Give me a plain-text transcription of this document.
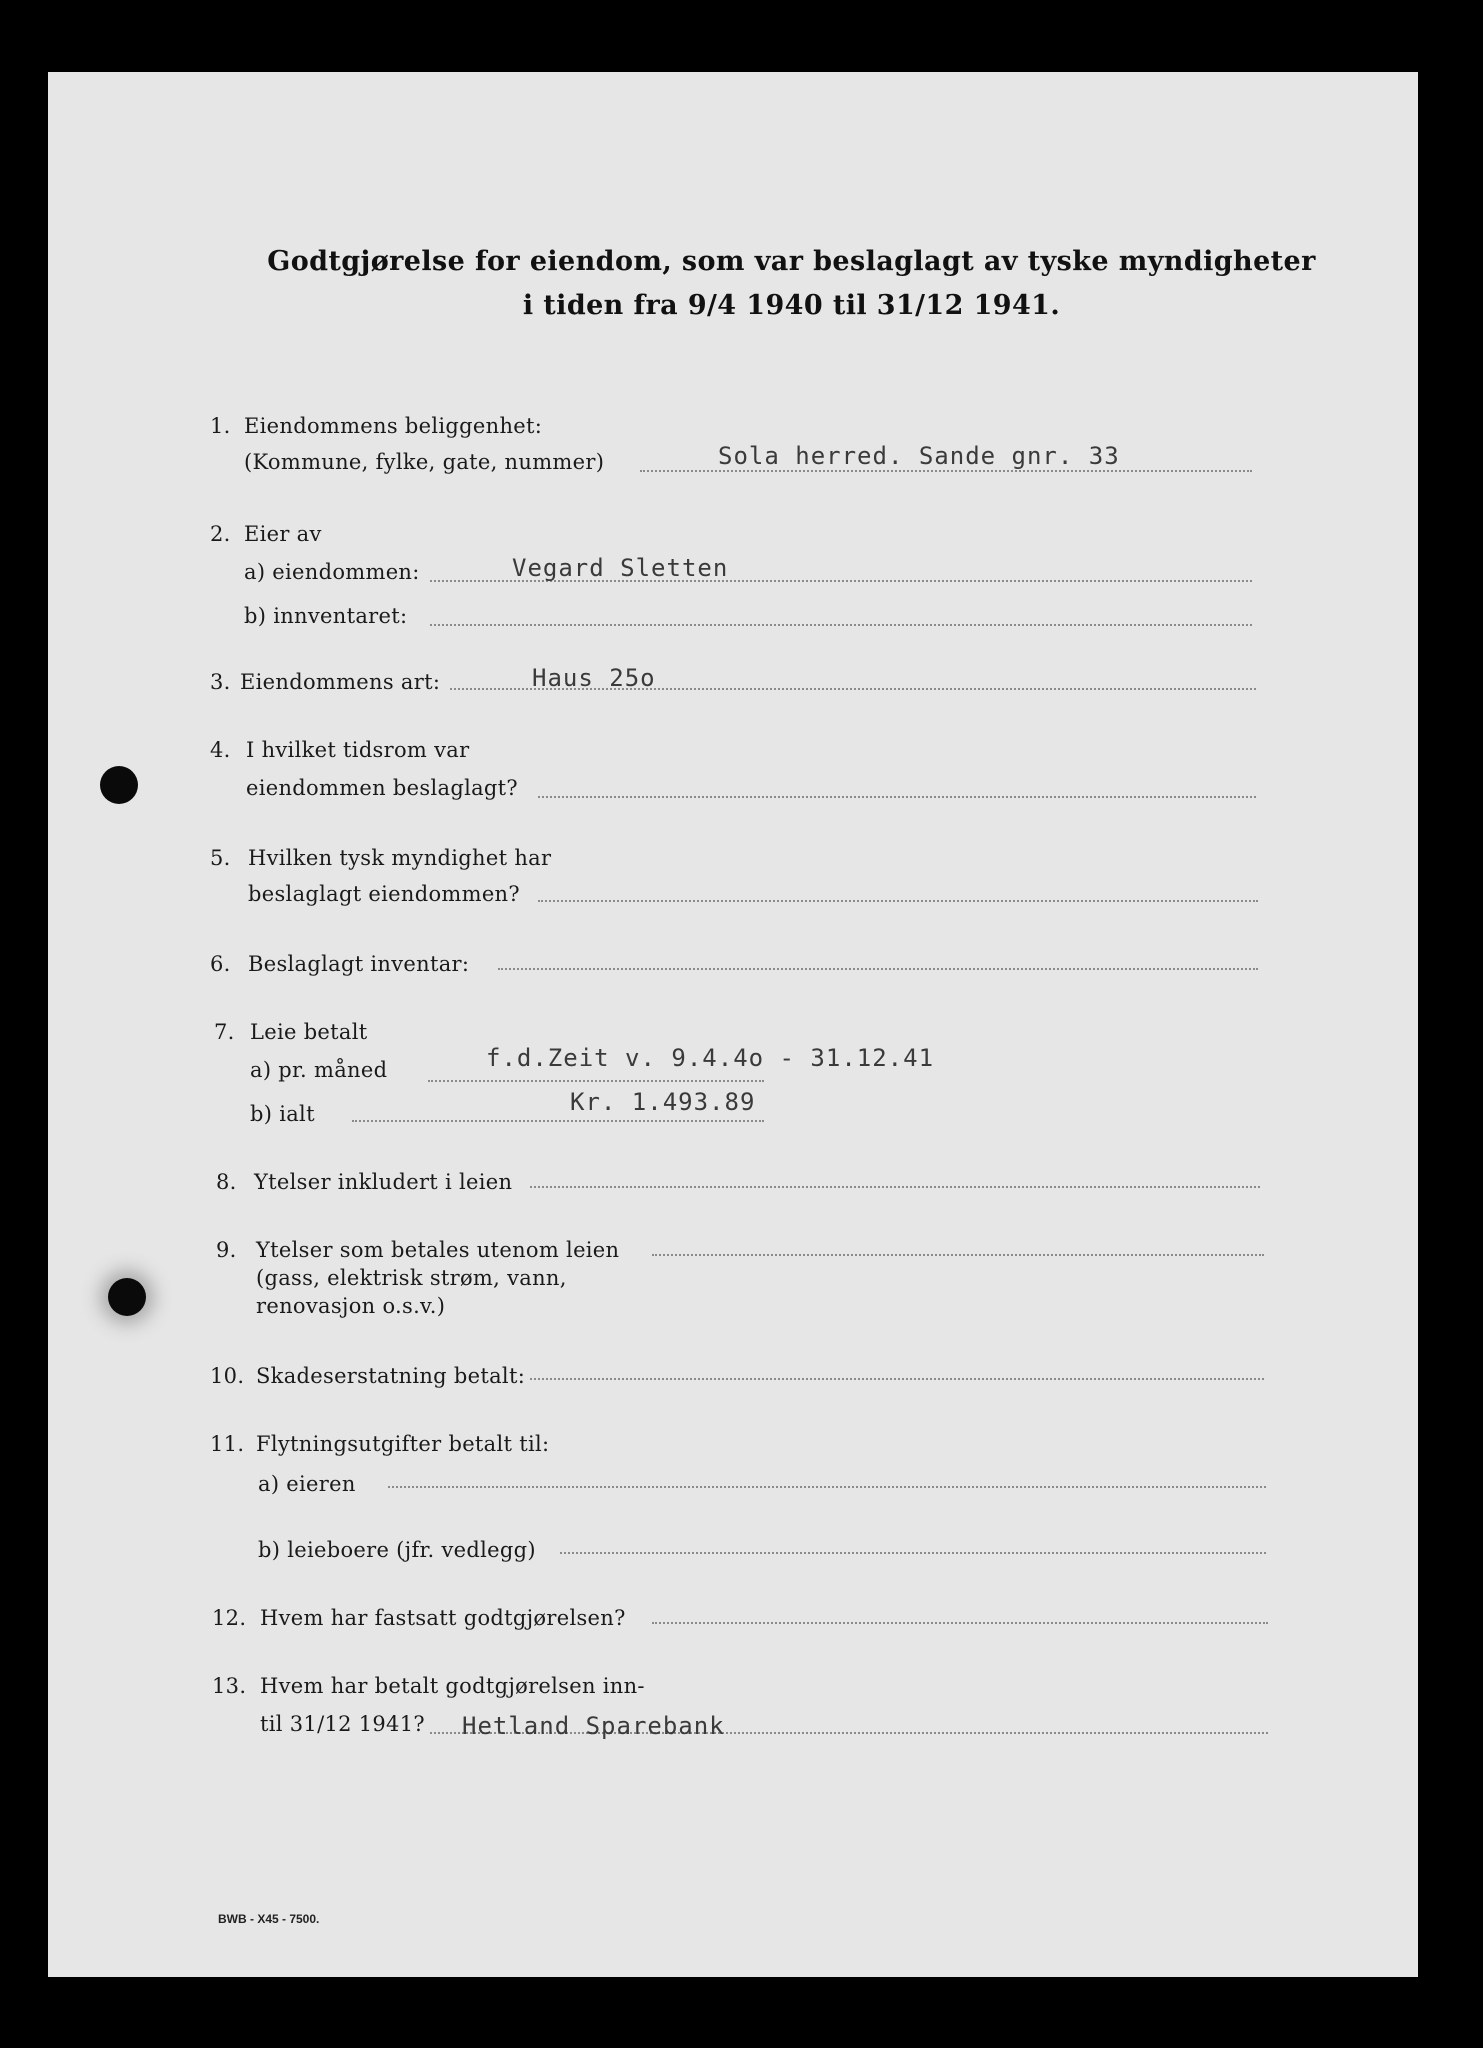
Godtgjørelse for eiendom, som var beslaglagt av tyske myndigheter
i tiden fra 9/4 1940 til 31/12 1941.
1. Eiendommens beliggenhet:
(Kommune, fylke, gate, nummer)	Sola herred. Sande gnr. 33
2. Eier av
a) eiendommen:	Vegard Sletten
b) innventaret:
3. Eiendommens art:	Haus 25o
4. I hvilket tidsrom var
eiendommen beslaglagt?
5. Hvilken tysk myndighet har
beslaglagt eiendommen?
6. Beslaglagt inventar:
7. Leie betalt
a) pr. måned	f.d.Zeit v. 9.4.4o - 31.12.41
b) ialt	Kr. 1.493.89
8. Ytelser inkludert i leien
9. Ytelser som betales utenom leien
(gass, elektrisk strøm, vann,
renovasjon o.s.v.)
10. Skadeserstatning betalt:
11. Flytningsutgifter betalt til:
a) eieren
b) leieboere (jfr. vedlegg)
12. Hvem har fastsatt godtgjørelsen?
13. Hvem har betalt godtgjørelsen inn-
til 31/12 1941? Hetland Sparebank
BWB - X45 - 7500.
